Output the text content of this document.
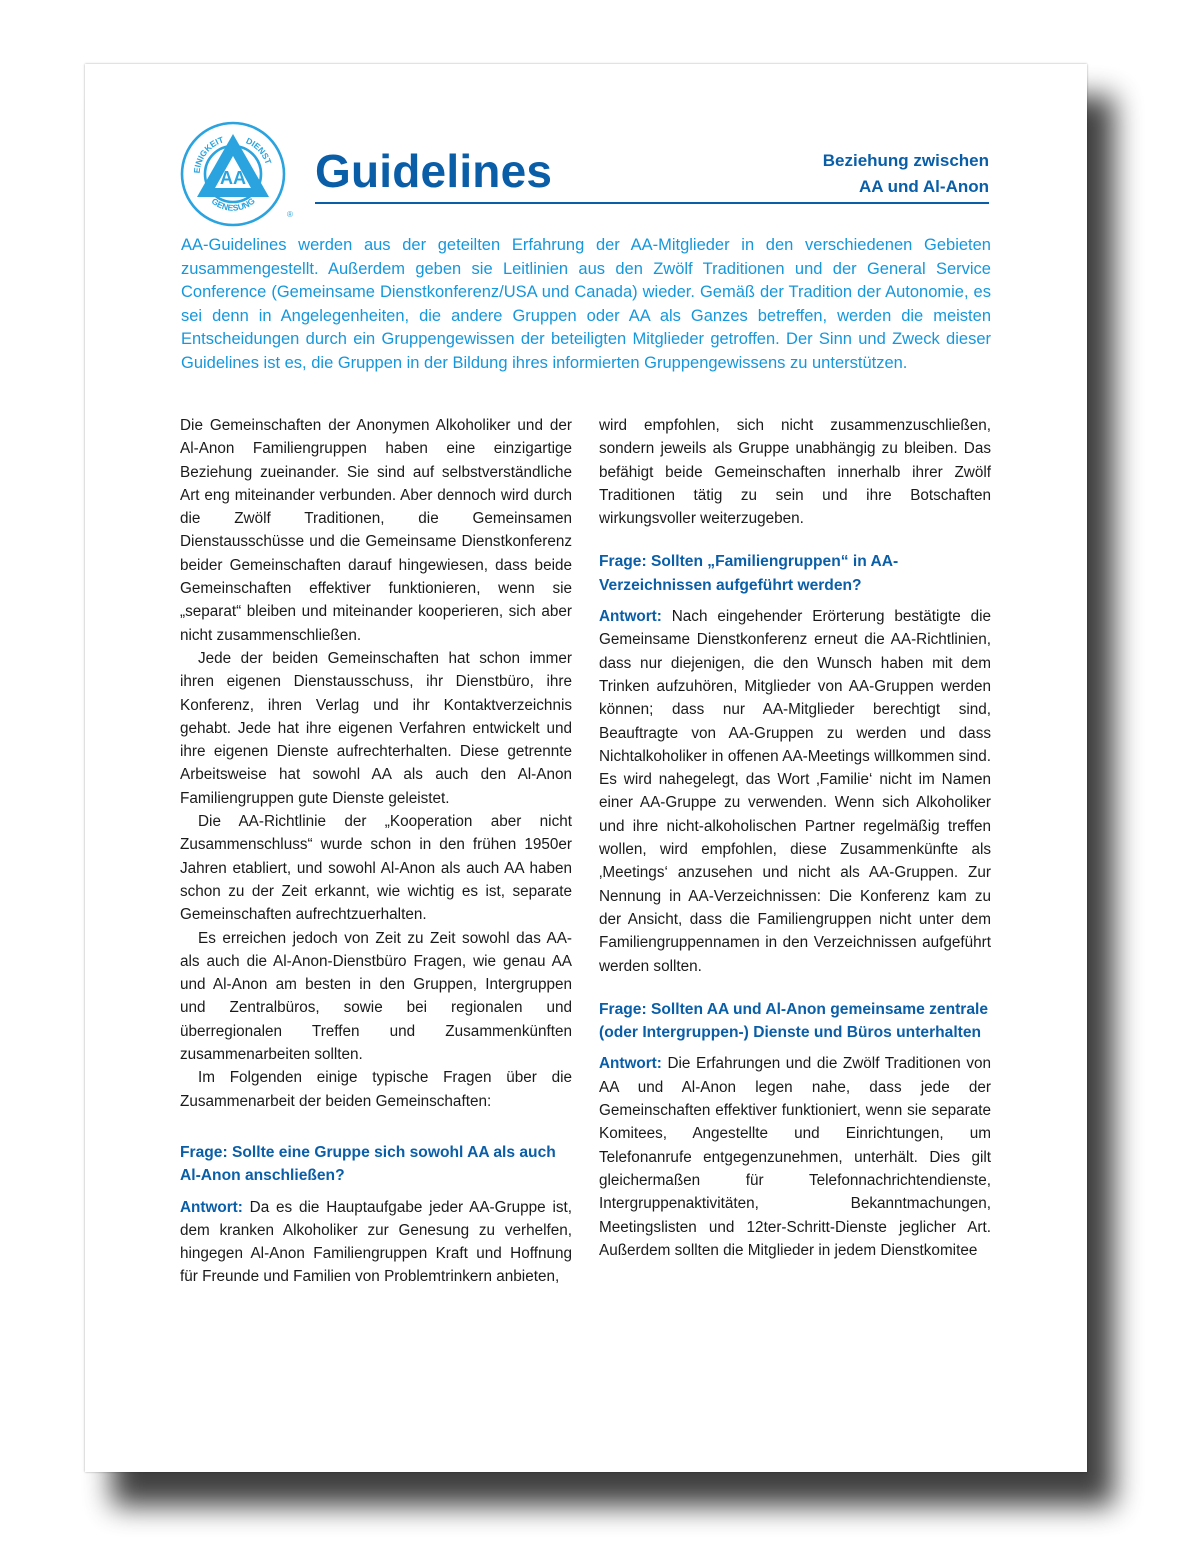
AA
EINIGKEIT DIENST
GENESUNG
®
Guidelines	Beziehung zwischen
AA und Al-Anon

AA-Guidelines werden aus der geteilten Erfahrung der AA-Mitglieder in den verschiedenen Gebieten zusammengestellt. Außerdem geben sie Leitlinien aus den Zwölf Traditionen und der General Service Conference (Gemeinsame Dienstkonferenz/USA und Canada) wieder. Gemäß der Tradition der Autonomie, es sei denn in Angelegenheiten, die andere Gruppen oder AA als Ganzes betreffen, werden die meisten Entscheidungen durch ein Gruppengewissen der beteiligten Mitglieder getroffen. Der Sinn und Zweck dieser Guidelines ist es, die Gruppen in der Bildung ihres informierten Gruppengewissens zu unterstützen.

Die Gemeinschaften der Anonymen Alkoholiker und der Al-Anon Familiengruppen haben eine einzigartige Beziehung zueinander. Sie sind auf selbstverständliche Art eng miteinander verbunden. Aber dennoch wird durch die Zwölf Traditionen, die Gemeinsamen Dienstausschüsse und die Gemeinsame Dienstkonferenz beider Gemeinschaften darauf hingewiesen, dass beide Gemeinschaften effektiver funktionieren, wenn sie „separat“ bleiben und miteinander kooperieren, sich aber nicht zusammenschließen.

Jede der beiden Gemeinschaften hat schon immer ihren eigenen Dienstausschuss, ihr Dienstbüro, ihre Konferenz, ihren Verlag und ihr Kontaktverzeichnis gehabt. Jede hat ihre eigenen Verfahren entwickelt und ihre eigenen Dienste aufrechterhalten. Diese getrennte Arbeitsweise hat sowohl AA als auch den Al-Anon Familiengruppen gute Dienste geleistet.

Die AA-Richtlinie der „Kooperation aber nicht Zusammenschluss“ wurde schon in den frühen 1950er Jahren etabliert, und sowohl Al-Anon als auch AA haben schon zu der Zeit erkannt, wie wichtig es ist, separate Gemeinschaften aufrechtzuerhalten.

Es erreichen jedoch von Zeit zu Zeit sowohl das AA- als auch die Al-Anon-Dienstbüro Fragen, wie genau AA und Al-Anon am besten in den Gruppen, Intergruppen und Zentralbüros, sowie bei regionalen und überregionalen Treffen und Zusammenkünften zusammenarbeiten sollten.

Im Folgenden einige typische Fragen über die Zusammenarbeit der beiden Gemeinschaften:

Frage: Sollte eine Gruppe sich sowohl AA als auch Al-Anon anschließen?

Antwort: Da es die Hauptaufgabe jeder AA-Gruppe ist, dem kranken Alkoholiker zur Genesung zu verhelfen, hingegen Al-Anon Familiengruppen Kraft und Hoffnung für Freunde und Familien von Problemtrinkern anbieten,

wird empfohlen, sich nicht zusammenzuschließen, sondern jeweils als Gruppe unabhängig zu bleiben. Das befähigt beide Gemeinschaften innerhalb ihrer Zwölf Traditionen tätig zu sein und ihre Botschaften wirkungsvoller weiterzugeben.

Frage: Sollten „Familiengruppen“ in AA-Verzeichnissen aufgeführt werden?

Antwort: Nach eingehender Erörterung bestätigte die Gemeinsame Dienstkonferenz erneut die AA-Richtlinien, dass nur diejenigen, die den Wunsch haben mit dem Trinken aufzuhören, Mitglieder von AA-Gruppen werden können; dass nur AA-Mitglieder berechtigt sind, Beauftragte von AA-Gruppen zu werden und dass Nichtalkoholiker in offenen AA-Meetings willkommen sind. Es wird nahegelegt, das Wort ‚Familie‘ nicht im Namen einer AA-Gruppe zu verwenden. Wenn sich Alkoholiker und ihre nicht-alkoholischen Partner regelmäßig treffen wollen, wird empfohlen, diese Zusammenkünfte als ‚Meetings‘ anzusehen und nicht als AA-Gruppen. Zur Nennung in AA-Verzeichnissen: Die Konferenz kam zu der Ansicht, dass die Familiengruppen nicht unter dem Familiengruppennamen in den Verzeichnissen aufgeführt werden sollten.

Frage: Sollten AA und Al-Anon gemeinsame zentrale (oder Intergruppen-) Dienste und Büros unterhalten

Antwort: Die Erfahrungen und die Zwölf Traditionen von AA und Al-Anon legen nahe, dass jede der Gemeinschaften effektiver funktioniert, wenn sie separate Komitees, Angestellte und Einrichtungen, um Telefonanrufe entgegenzunehmen, unterhält. Dies gilt gleichermaßen für Telefonnachrichtendienste, Intergruppenaktivitäten, Bekanntmachungen, Meetingslisten und 12ter-Schritt-Dienste jeglicher Art. Außerdem sollten die Mitglieder in jedem Dienstkomitee
